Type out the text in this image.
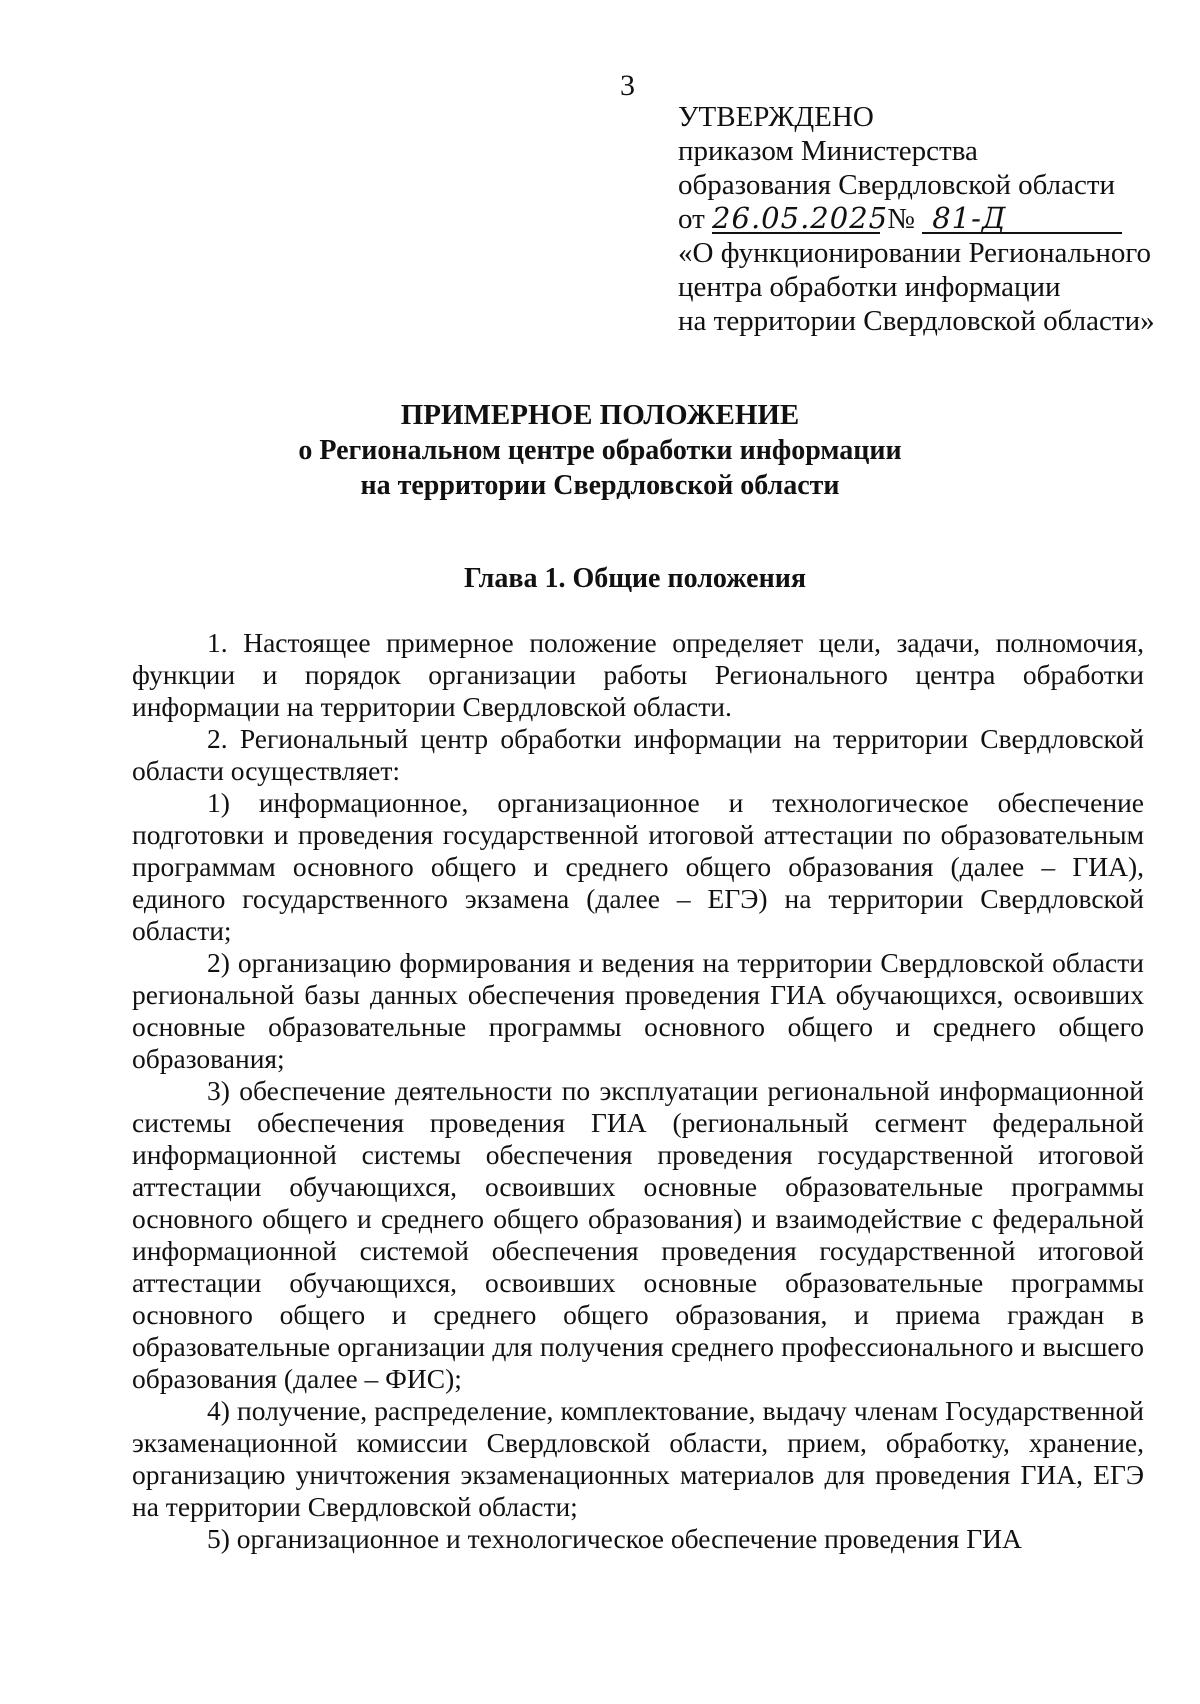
3
УТВЕРЖДЕНО
приказом Министерства
образования Свердловской области
от 26.05.2025 № 81-Д
«О функционировании Регионального
центра обработки информации
на территории Свердловской области»
ПРИМЕРНОЕ ПОЛОЖЕНИЕ
о Региональном центре обработки информации
на территории Свердловской области
Глава 1. Общие положения

1. Настоящее примерное положение определяет цели, задачи, полномочия, функции и порядок организации работы Регионального центра обработки информации на территории Свердловской области.

2. Региональный центр обработки информации на территории Свердловской области осуществляет:

1) информационное, организационное и технологическое обеспечение подготовки и проведения государственной итоговой аттестации по образовательным программам основного общего и среднего общего образования (далее – ГИА), единого государственного экзамена (далее – ЕГЭ) на территории Свердловской области;

2) организацию формирования и ведения на территории Свердловской области региональной базы данных обеспечения проведения ГИА обучающихся, освоивших основные образовательные программы основного общего и среднего общего образования;

3) обеспечение деятельности по эксплуатации региональной информационной системы обеспечения проведения ГИА (региональный сегмент федеральной информационной системы обеспечения проведения государственной итоговой аттестации обучающихся, освоивших основные образовательные программы основного общего и среднего общего образования) и взаимодействие с федеральной информационной системой обеспечения проведения государственной итоговой аттестации обучающихся, освоивших основные образовательные программы основного общего и среднего общего образования, и приема граждан в образовательные организации для получения среднего профессионального и высшего образования (далее – ФИС);

4) получение, распределение, комплектование, выдачу членам Государственной экзаменационной комиссии Свердловской области, прием, обработку, хранение, организацию уничтожения экзаменационных материалов для проведения ГИА, ЕГЭ на территории Свердловской области;

5) организационное и технологическое обеспечение проведения ГИА
